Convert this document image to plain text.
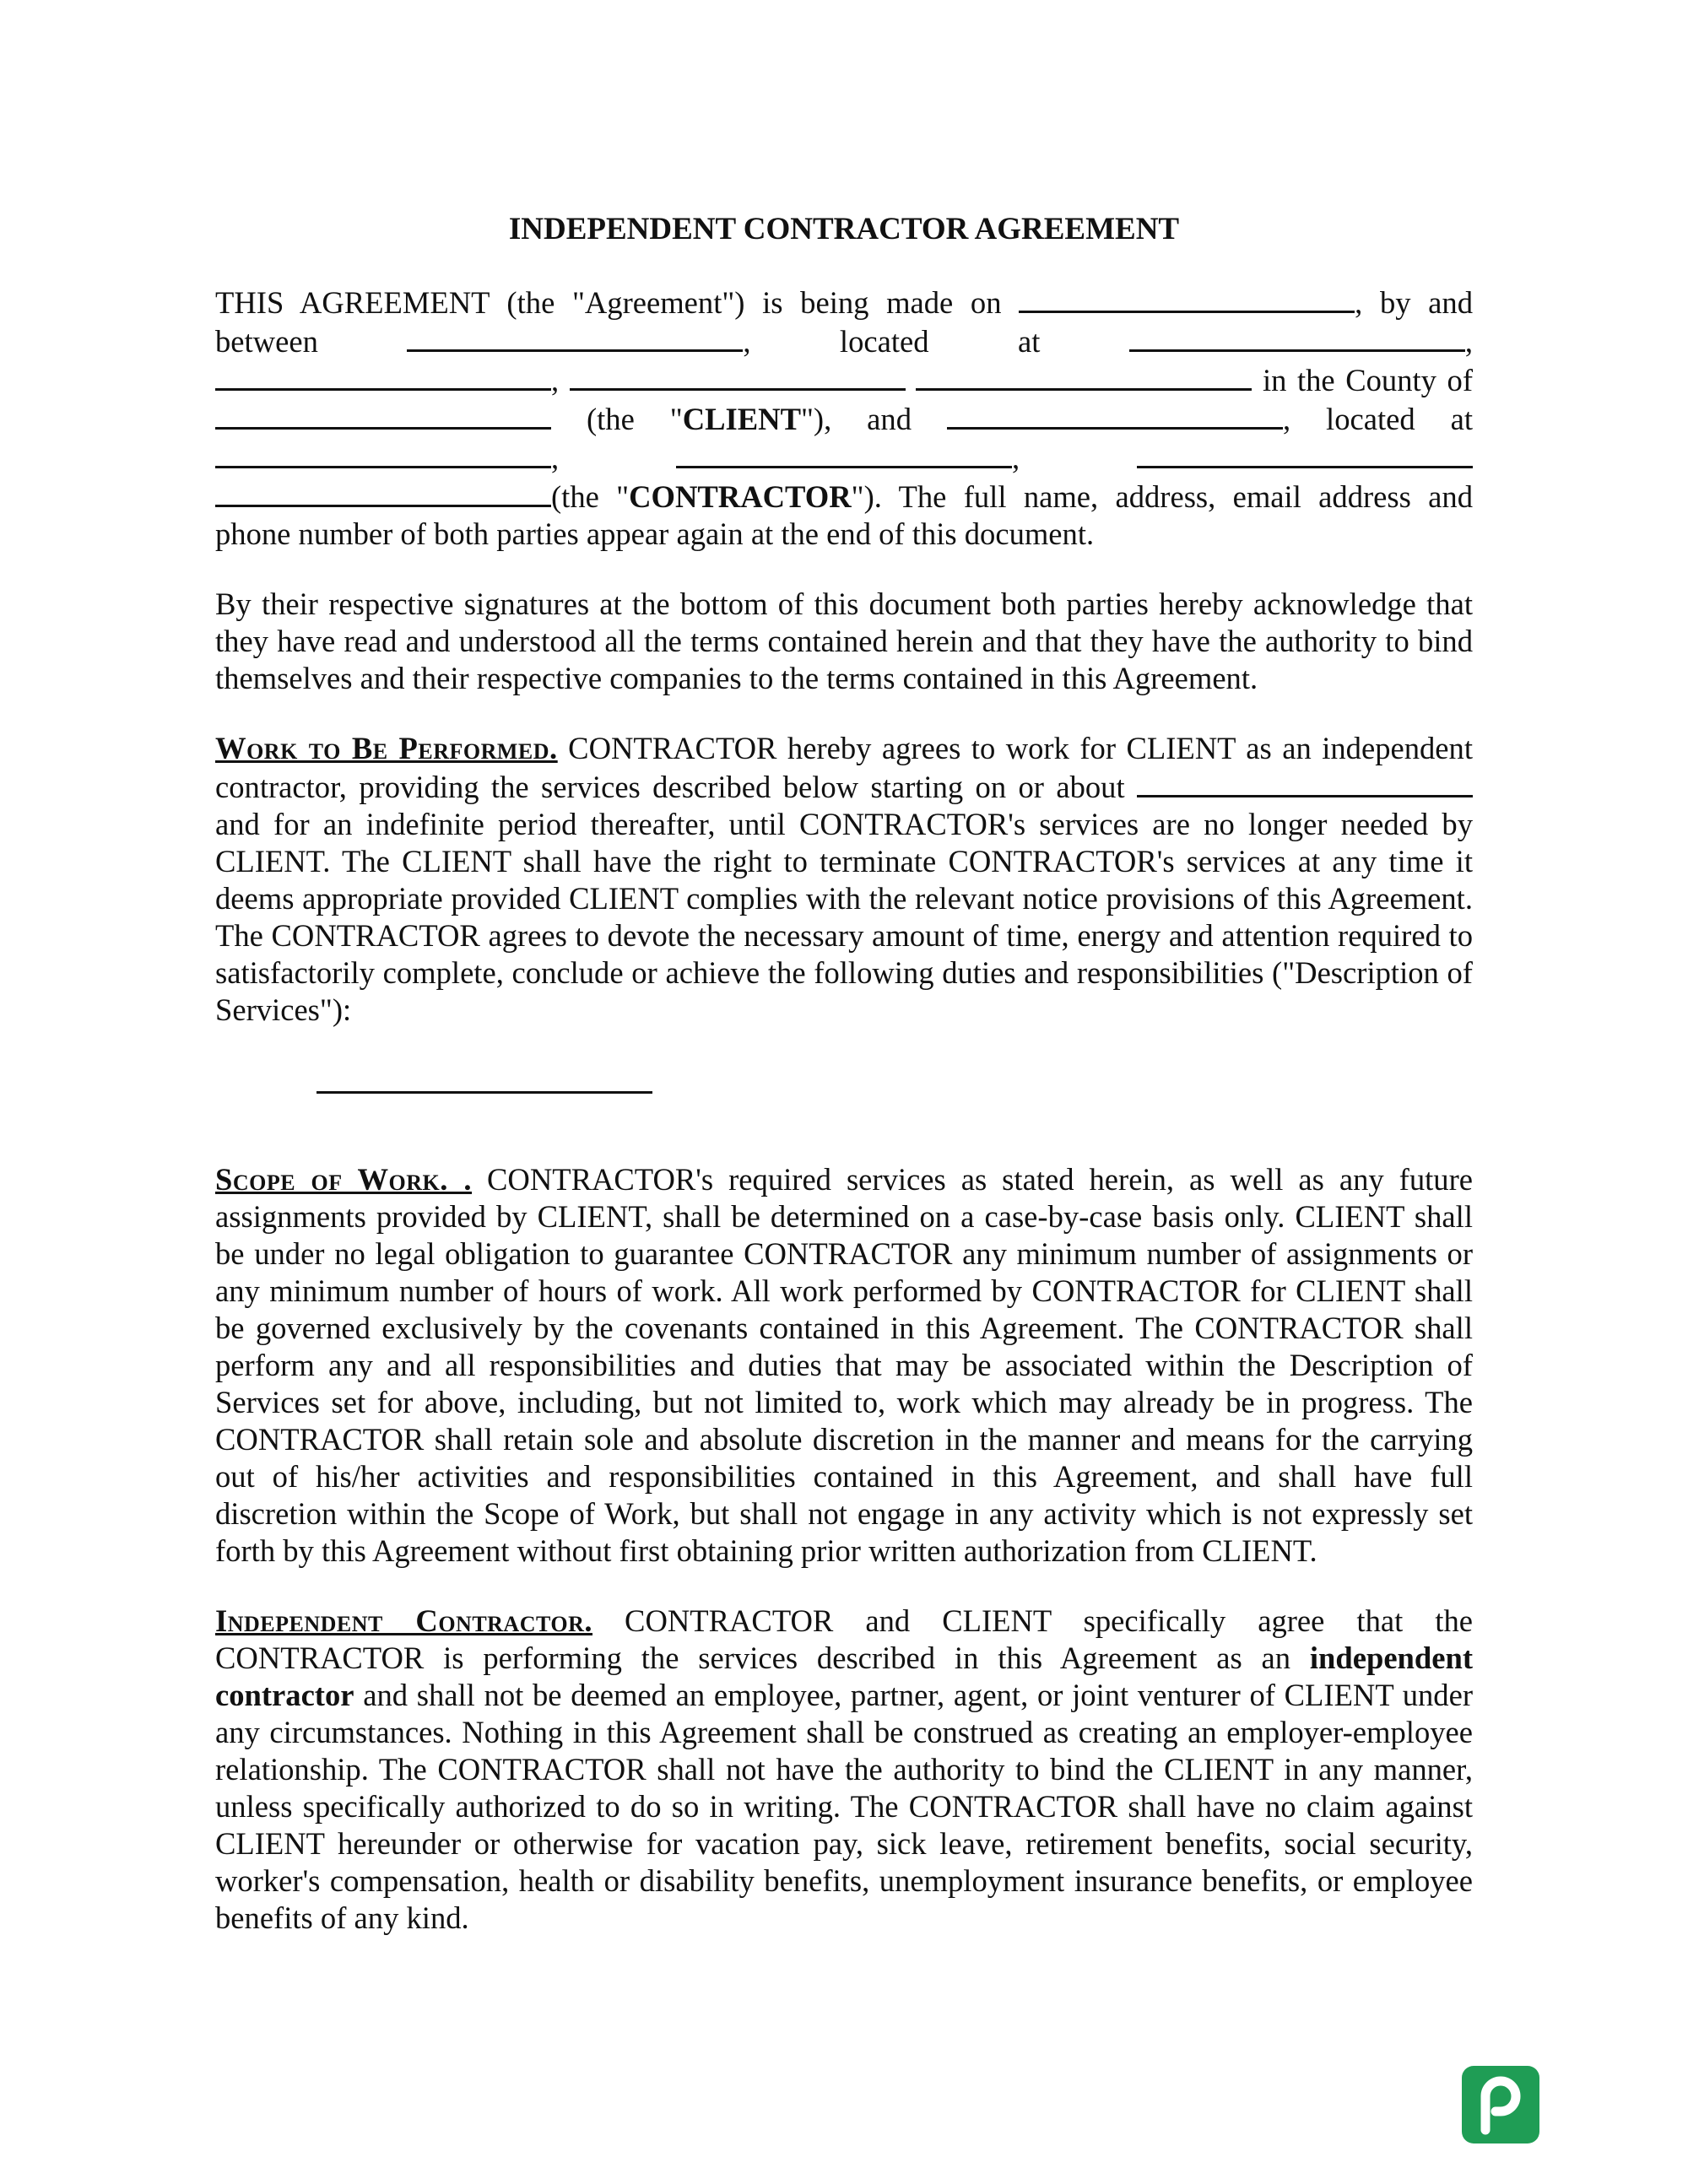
INDEPENDENT CONTRACTOR AGREEMENT

THIS AGREEMENT (the "Agreement") is being made on	, by and between	, located at	, ,	in the County of  (the "CLIENT"), and	, located at ,	,  (the "CONTRACTOR"). The full name, address, email address and phone number of both parties appear again at the end of this document.

By their respective signatures at the bottom of this document both parties hereby acknowledge that they have read and understood all the terms contained herein and that they have the authority to bind themselves and their respective companies to the terms contained in this Agreement.

Work to Be Performed. CONTRACTOR hereby agrees to work for CLIENT as an independent contractor, providing the services described below starting on or about  and for an indefinite period thereafter, until CONTRACTOR's services are no longer needed by CLIENT. The CLIENT shall have the right to terminate CONTRACTOR's services at any time it deems appropriate provided CLIENT complies with the relevant notice provisions of this Agreement. The CONTRACTOR agrees to devote the necessary amount of time, energy and attention required to satisfactorily complete, conclude or achieve the following duties and responsibilities ("Description of Services"):

Scope of Work. . CONTRACTOR's required services as stated herein, as well as any future assignments provided by CLIENT, shall be determined on a case-by-case basis only. CLIENT shall be under no legal obligation to guarantee CONTRACTOR any minimum number of assignments or any minimum number of hours of work. All work performed by CONTRACTOR for CLIENT shall be governed exclusively by the covenants contained in this Agreement. The CONTRACTOR shall perform any and all responsibilities and duties that may be associated within the Description of Services set for above, including, but not limited to, work which may already be in progress. The CONTRACTOR shall retain sole and absolute discretion in the manner and means for the carrying out of his/her activities and responsibilities contained in this Agreement, and shall have full discretion within the Scope of Work, but shall not engage in any activity which is not expressly set forth by this Agreement without first obtaining prior written authorization from CLIENT.

Independent Contractor. CONTRACTOR and CLIENT specifically agree that the CONTRACTOR is performing the services described in this Agreement as an independent contractor and shall not be deemed an employee, partner, agent, or joint venturer of CLIENT under any circumstances. Nothing in this Agreement shall be construed as creating an employer-employee relationship. The CONTRACTOR shall not have the authority to bind the CLIENT in any manner, unless specifically authorized to do so in writing. The CONTRACTOR shall have no claim against CLIENT hereunder or otherwise for vacation pay, sick leave, retirement benefits, social security, worker's compensation, health or disability benefits, unemployment insurance benefits, or employee benefits of any kind.
